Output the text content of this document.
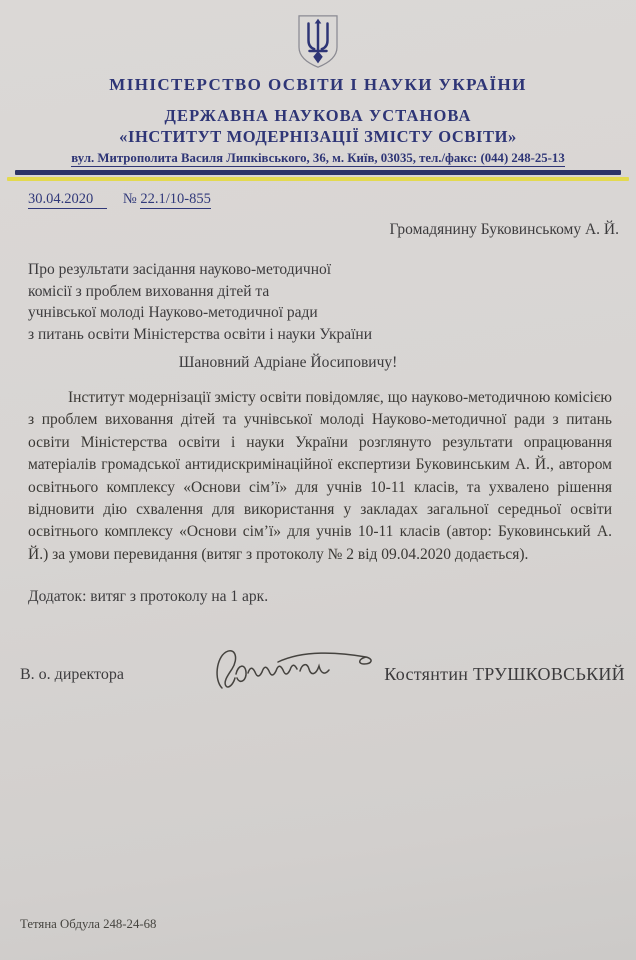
МІНІСТЕРСТВО ОСВІТИ І НАУКИ УКРАЇНИ
ДЕРЖАВНА НАУКОВА УСТАНОВА
«ІНСТИТУТ МОДЕРНІЗАЦІЇ ЗМІСТУ ОСВІТИ»
вул. Митрополита Василя Липківського, 36, м. Київ, 03035, тел./факс: (044) 248-25-13
30.04.2020 № 22.1/10-855
Громадянину Буковинському А. Й.
Про результати засідання науково-методичної
комісії з проблем виховання дітей та
учнівської молоді Науково-методичної ради
з питань освіти Міністерства освіти і науки України
Шановний Адріане Йосиповичу!

Інститут модернізації змісту освіти повідомляє, що науково-методичною комісією з проблем виховання дітей та учнівської молоді Науково-методичної ради з питань освіти Міністерства освіти і науки України розглянуто результати опрацювання матеріалів громадської антидискримінаційної експертизи Буковинським А. Й., автором освітнього комплексу «Основи сім’ї» для учнів 10-11 класів, та ухвалено рішення відновити дію схвалення для використання у закладах загальної середньої освіти освітнього комплексу «Основи сім’ї» для учнів 10-11 класів (автор: Буковинський А. Й.) за умови перевидання (витяг з протоколу № 2 від 09.04.2020 додається).

Додаток: витяг з протоколу на 1 арк.
В. о. директора	Костянтин ТРУШКОВСЬКИЙ
Тетяна Обдула 248-24-68
